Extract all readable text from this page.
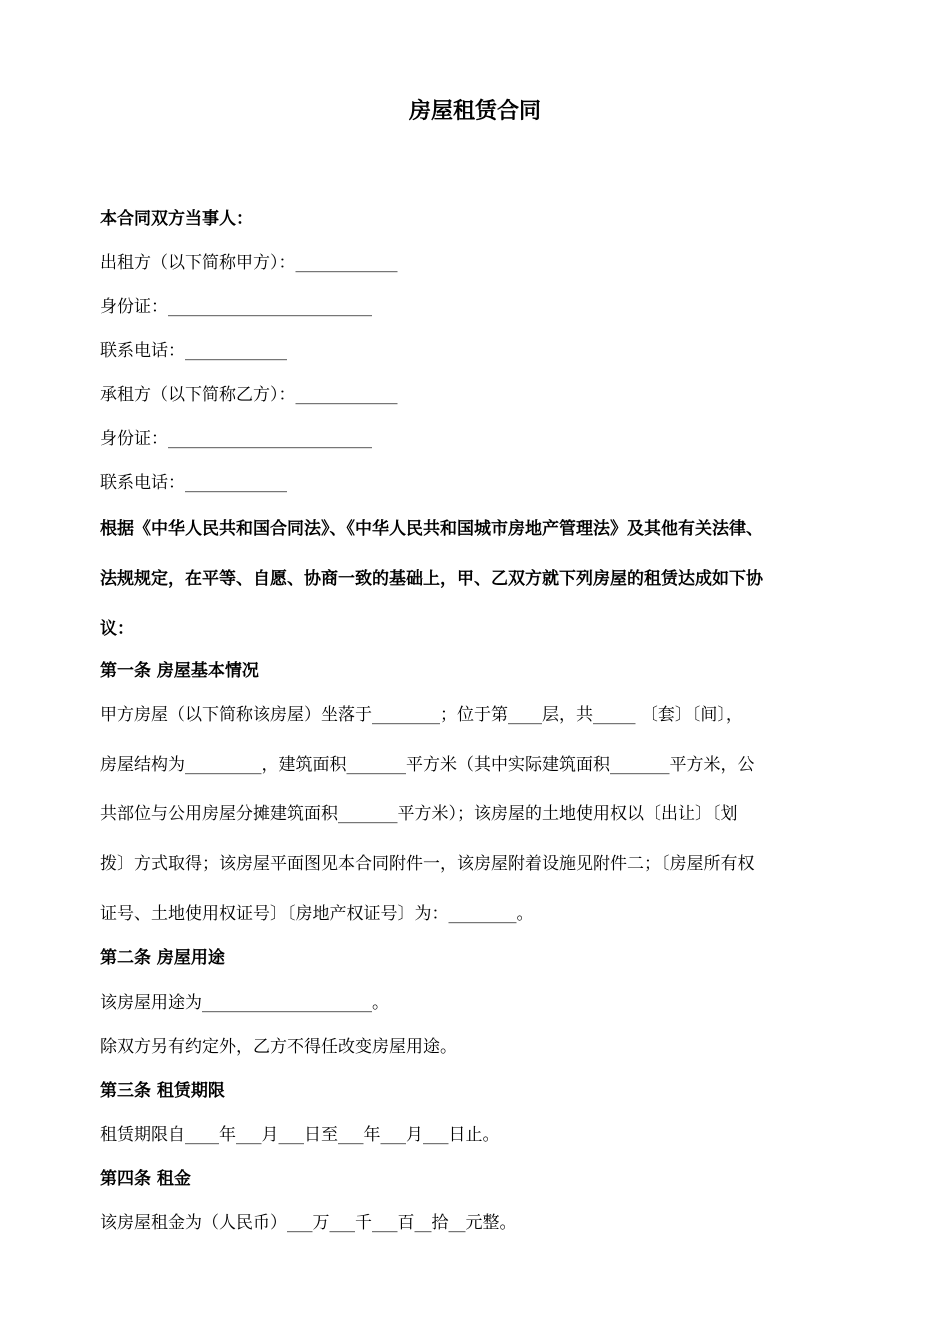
房屋租赁合同
本合同双方当事人：
出租方（以下简称甲方）：____________
身份证：________________________
联系电话：____________
承租方（以下简称乙方）：____________
身份证：________________________
联系电话：____________
根据《中华人民共和国合同法》、《中华人民共和国城市房地产管理法》及其他有关法律、
法规规定，在平等、自愿、协商一致的基础上，甲、乙双方就下列房屋的租赁达成如下协
议：
第一条 房屋基本情况
甲方房屋（以下简称该房屋）坐落于________；位于第____层，共_____ 〔套〕〔间〕，
房屋结构为_________，建筑面积_______平方米（其中实际建筑面积_______平方米，公
共部位与公用房屋分摊建筑面积_______平方米）；该房屋的土地使用权以〔出让〕〔划
拨〕方式取得；该房屋平面图见本合同附件一，该房屋附着设施见附件二；〔房屋所有权
证号、土地使用权证号〕〔房地产权证号〕为：________。
第二条 房屋用途
该房屋用途为____________________。
除双方另有约定外，乙方不得任改变房屋用途。
第三条 租赁期限
租赁期限自____年___月___日至___年___月___日止。
第四条 租金
该房屋租金为（人民币）___万___千___百__拾__元整。
